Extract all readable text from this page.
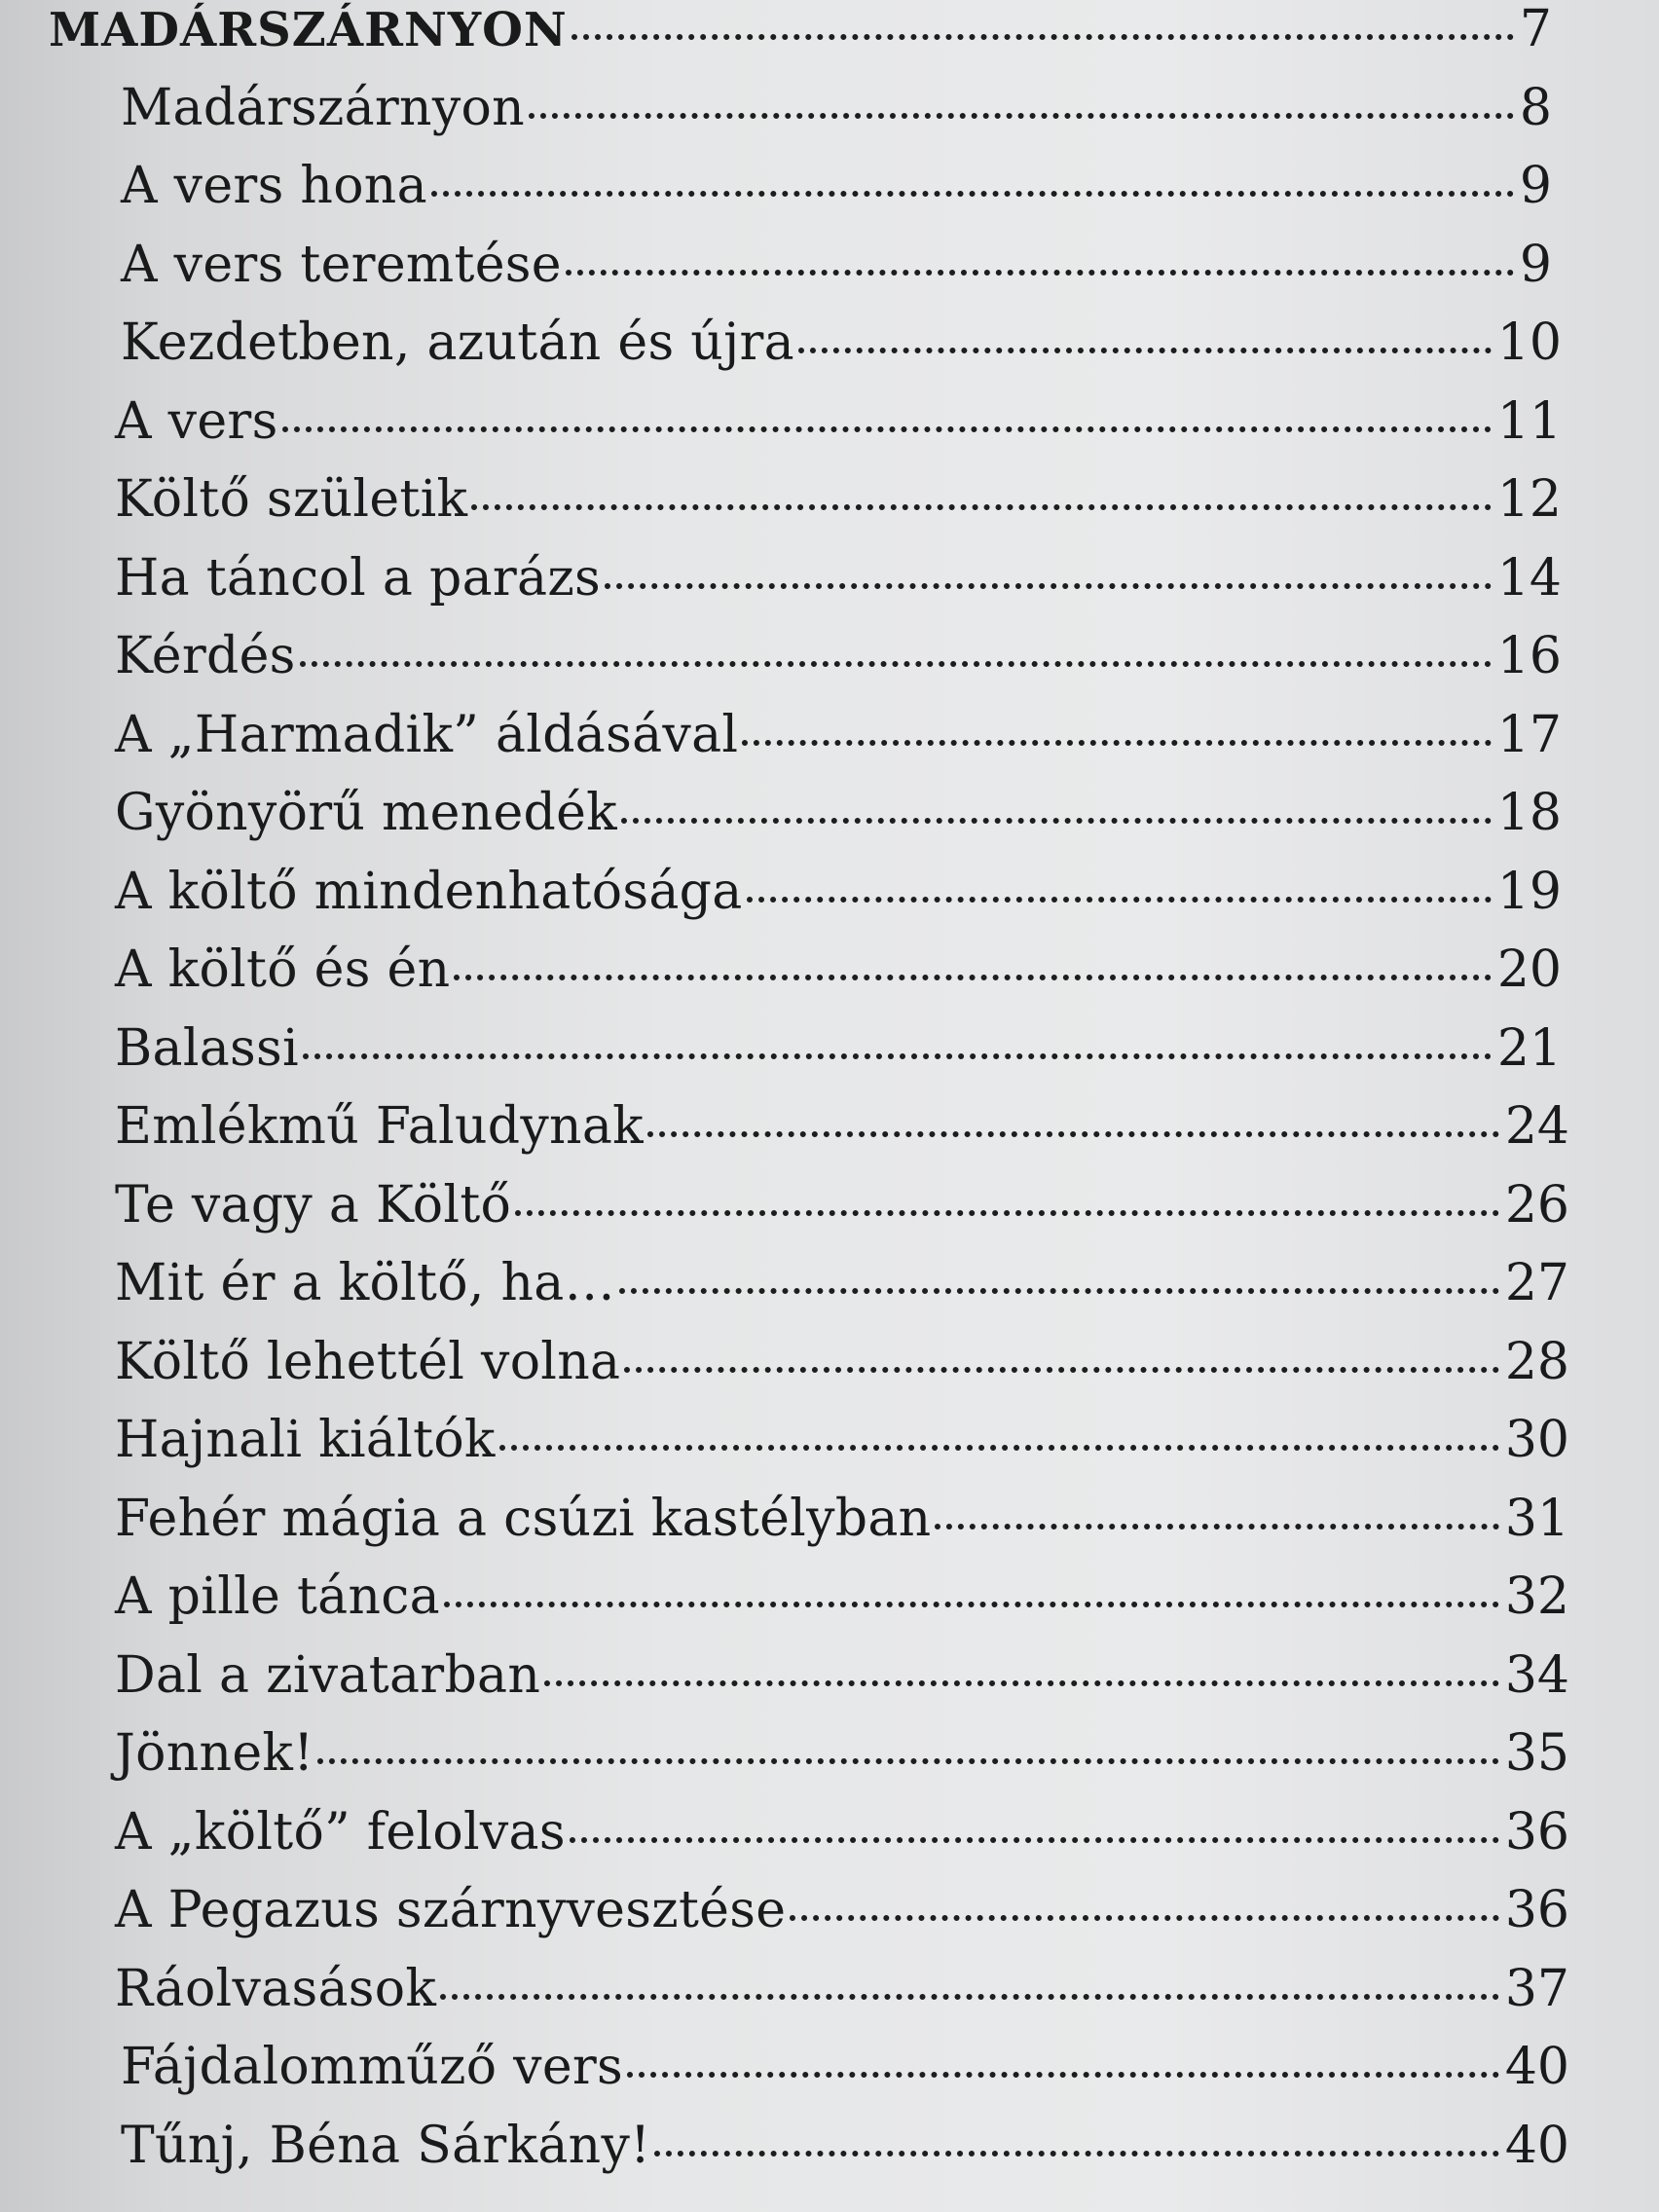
MADÁRSZÁRNYON	7
Madárszárnyon	8
A vers hona	9
A vers teremtése	9
Kezdetben, azután és újra	10
A vers	11
Költő születik	12
Ha táncol a parázs	14
Kérdés	16
A „Harmadik” áldásával	17
Gyönyörű menedék	18
A költő mindenhatósága	19
A költő és én	20
Balassi	21
Emlékmű Faludynak	24
Te vagy a Költő	26
Mit ér a költő, ha…	27
Költő lehettél volna	28
Hajnali kiáltók	30
Fehér mágia a csúzi kastélyban	31
A pille tánca	32
Dal a zivatarban	34
Jönnek!	35
A „költő” felolvas	36
A Pegazus szárnyvesztése	36
Ráolvasások	37
Fájdalomműző vers	40
Tűnj, Béna Sárkány!	40
